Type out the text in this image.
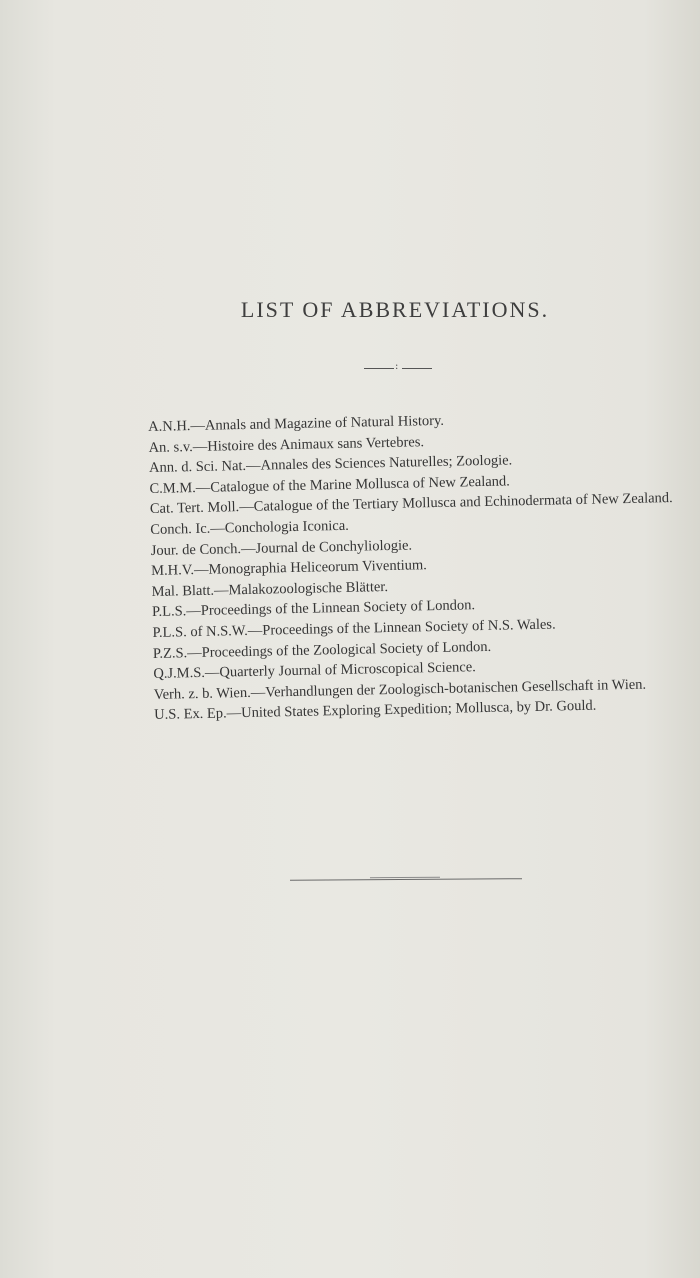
LIST OF ABBREVIATIONS.
:
A.N.H.—Annals and Magazine of Natural History.
An. s.v.—Histoire des Animaux sans Vertebres.
Ann. d. Sci. Nat.—Annales des Sciences Naturelles; Zoologie.
C.M.M.—Catalogue of the Marine Mollusca of New Zealand.
Cat. Tert. Moll.—Catalogue of the Tertiary Mollusca and Echinodermata of New Zealand.
Conch. Ic.—Conchologia Iconica.
Jour. de Conch.—Journal de Conchyliologie.
M.H.V.—Monographia Heliceorum Viventium.
Mal. Blatt.—Malakozoologische Blätter.
P.L.S.—Proceedings of the Linnean Society of London.
P.L.S. of N.S.W.—Proceedings of the Linnean Society of N.S. Wales.
P.Z.S.—Proceedings of the Zoological Society of London.
Q.J.M.S.—Quarterly Journal of Microscopical Science.
Verh. z. b. Wien.—Verhandlungen der Zoologisch-botanischen Gesellschaft in Wien.
U.S. Ex. Ep.—United States Exploring Expedition; Mollusca, by Dr. Gould.
